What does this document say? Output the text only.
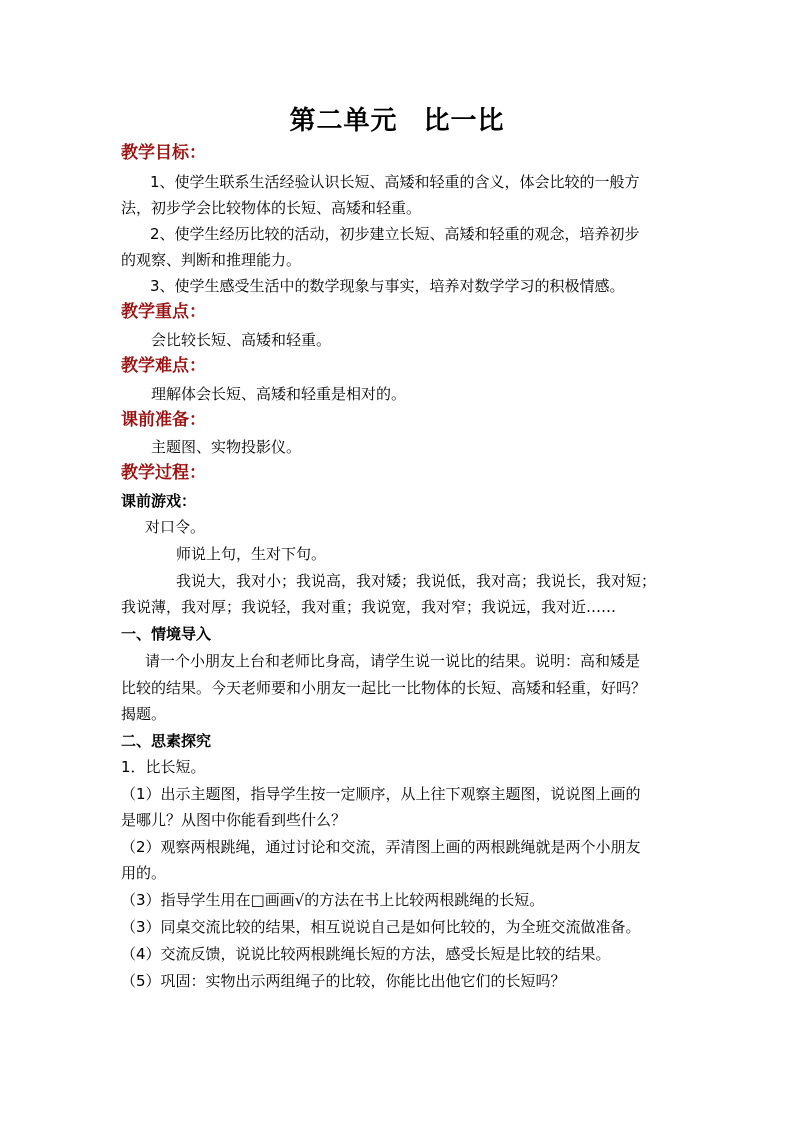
第二单元 比一比
教学目标：
1、使学生联系生活经验认识长短、高矮和轻重的含义，体会比较的一般方
法，初步学会比较物体的长短、高矮和轻重。
2、使学生经历比较的活动，初步建立长短、高矮和轻重的观念，培养初步
的观察、判断和推理能力。
3、使学生感受生活中的数学现象与事实，培养对数学学习的积极情感。
教学重点：
会比较长短、高矮和轻重。
教学难点：
理解体会长短、高矮和轻重是相对的。
课前准备：
主题图、实物投影仪。
教学过程：
课前游戏：
对口令。
师说上句，生对下句。
我说大，我对小；我说高，我对矮；我说低，我对高；我说长，我对短；
我说薄，我对厚；我说轻，我对重；我说宽，我对窄；我说远，我对近……
一、情境导入
请一个小朋友上台和老师比身高，请学生说一说比的结果。说明：高和矮是
比较的结果。今天老师要和小朋友一起比一比物体的长短、高矮和轻重，好吗？
揭题。
二、思素探究
1．比长短。
（1）出示主题图，指导学生按一定顺序，从上往下观察主题图，说说图上画的
是哪儿？从图中你能看到些什么？
（2）观察两根跳绳，通过讨论和交流，弄清图上画的两根跳绳就是两个小朋友
用的。
（3）指导学生用在□画画√的方法在书上比较两根跳绳的长短。
（3）同桌交流比较的结果，相互说说自己是如何比较的，为全班交流做准备。
（4）交流反馈，说说比较两根跳绳长短的方法，感受长短是比较的结果。
（5）巩固：实物出示两组绳子的比较，你能比出他它们的长短吗？
